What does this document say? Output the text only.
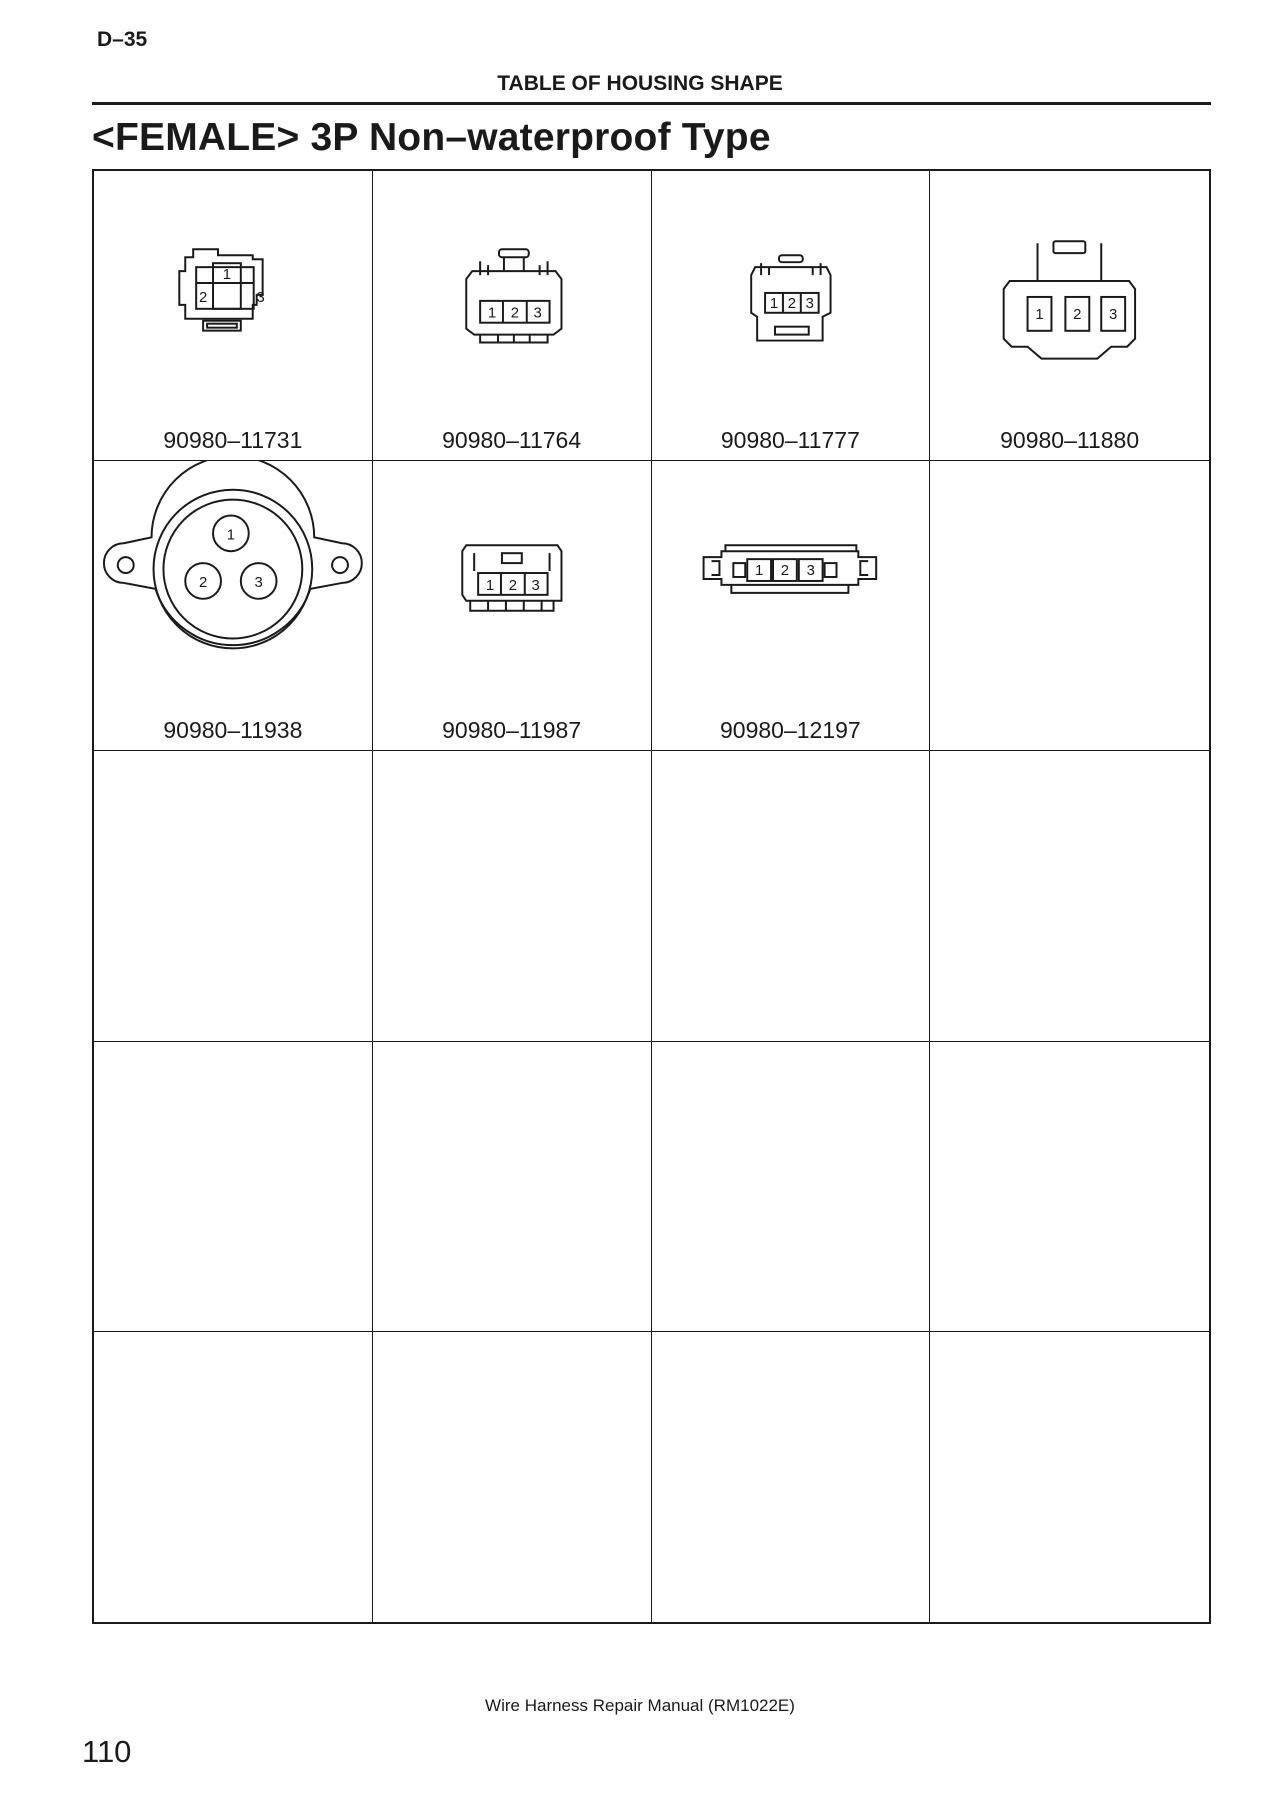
D–35
TABLE OF HOUSING SHAPE
<FEMALE> 3P Non–waterproof Type
1
2	3
90980–11731
1 2 3
90980–11764
1 2 3
90980–11777
1 2 3
90980–11880
1
2	3
90980–11938
1 2 3
90980–11987
1 2 3
90980–12197
Wire Harness Repair Manual (RM1022E)
110
